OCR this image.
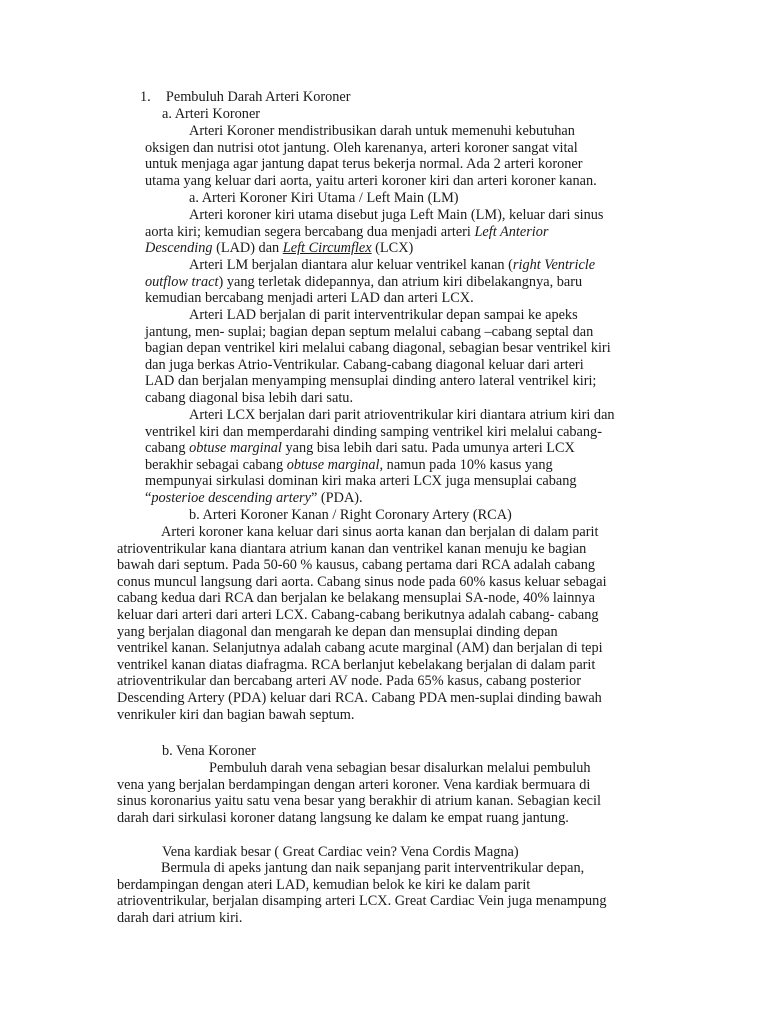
1. Pembuluh Darah Arteri Koroner
a. Arteri Koroner
Arteri Koroner mendistribusikan darah untuk memenuhi kebutuhan
oksigen dan nutrisi otot jantung. Oleh karenanya, arteri koroner sangat vital
untuk menjaga agar jantung dapat terus bekerja normal. Ada 2 arteri koroner
utama yang keluar dari aorta, yaitu arteri koroner kiri dan arteri koroner kanan.
a. Arteri Koroner Kiri Utama / Left Main (LM)
Arteri koroner kiri utama disebut juga Left Main (LM), keluar dari sinus
aorta kiri; kemudian segera bercabang dua menjadi arteri Left Anterior
Descending (LAD) dan Left Circumflex (LCX)
Arteri LM berjalan diantara alur keluar ventrikel kanan (right Ventricle
outflow tract) yang terletak didepannya, dan atrium kiri dibelakangnya, baru
kemudian bercabang menjadi arteri LAD dan arteri LCX.
Arteri LAD berjalan di parit interventrikular depan sampai ke apeks
jantung, men- suplai; bagian depan septum melalui cabang –cabang septal dan
bagian depan ventrikel kiri melalui cabang diagonal, sebagian besar ventrikel kiri
dan juga berkas Atrio-Ventrikular. Cabang-cabang diagonal keluar dari arteri
LAD dan berjalan menyamping mensuplai dinding antero lateral ventrikel kiri;
cabang diagonal bisa lebih dari satu.
Arteri LCX berjalan dari parit atrioventrikular kiri diantara atrium kiri dan
ventrikel kiri dan memperdarahi dinding samping ventrikel kiri melalui cabang-
cabang obtuse marginal yang bisa lebih dari satu. Pada umunya arteri LCX
berakhir sebagai cabang obtuse marginal, namun pada 10% kasus yang
mempunyai sirkulasi dominan kiri maka arteri LCX juga mensuplai cabang
“posterioe descending artery” (PDA).
b. Arteri Koroner Kanan / Right Coronary Artery (RCA)
Arteri koroner kana keluar dari sinus aorta kanan dan berjalan di dalam parit
atrioventrikular kana diantara atrium kanan dan ventrikel kanan menuju ke bagian
bawah dari septum. Pada 50-60 % kausus, cabang pertama dari RCA adalah cabang
conus muncul langsung dari aorta. Cabang sinus node pada 60% kasus keluar sebagai
cabang kedua dari RCA dan berjalan ke belakang mensuplai SA-node, 40% lainnya
keluar dari arteri dari arteri LCX. Cabang-cabang berikutnya adalah cabang- cabang
yang berjalan diagonal dan mengarah ke depan dan mensuplai dinding depan
ventrikel kanan. Selanjutnya adalah cabang acute marginal (AM) dan berjalan di tepi
ventrikel kanan diatas diafragma. RCA berlanjut kebelakang berjalan di dalam parit
atrioventrikular dan bercabang arteri AV node. Pada 65% kasus, cabang posterior
Descending Artery (PDA) keluar dari RCA. Cabang PDA men-suplai dinding bawah
venrikuler kiri dan bagian bawah septum.
b. Vena Koroner
Pembuluh darah vena sebagian besar disalurkan melalui pembuluh
vena yang berjalan berdampingan dengan arteri koroner. Vena kardiak bermuara di
sinus koronarius yaitu satu vena besar yang berakhir di atrium kanan. Sebagian kecil
darah dari sirkulasi koroner datang langsung ke dalam ke empat ruang jantung.
Vena kardiak besar ( Great Cardiac vein? Vena Cordis Magna)
Bermula di apeks jantung dan naik sepanjang parit interventrikular depan,
berdampingan dengan ateri LAD, kemudian belok ke kiri ke dalam parit
atrioventrikular, berjalan disamping arteri LCX. Great Cardiac Vein juga menampung
darah dari atrium kiri.
